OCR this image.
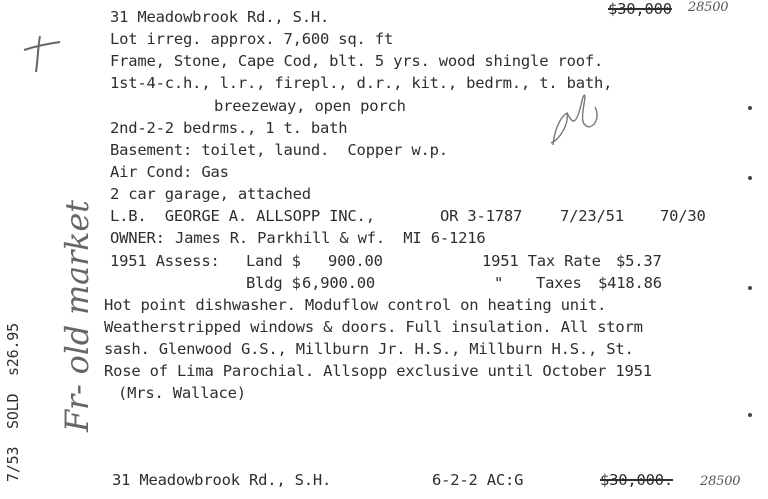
31 Meadowbrook Rd., S.H.	$30,000 28500
Lot irreg. approx. 7,600 sq. ft
Frame, Stone, Cape Cod, blt. 5 yrs. wood shingle roof.
1st-4-c.h., l.r., firepl., d.r., kit., bedrm., t. bath,
breezeway, open porch
2nd-2-2 bedrms., 1 t. bath
Basement: toilet, laund.  Copper w.p.
Air Cond: Gas
2 car garage, attached
L.B.  GEORGE A. ALLSOPP INC.,	OR 3-1787 7/23/51 70/30
OWNER: James R. Parkhill & wf.  MI 6-1216
1951 Assess: Land $ 900.00	1951 Tax Rate $5.37
Bldg $ 6,900.00	" Taxes $418.86
Hot point dishwasher. Moduflow control on heating unit.
Weatherstripped windows & doors. Full insulation. All storm
sash. Glenwood G.S., Millburn Jr. H.S., Millburn H.S., St.
Rose of Lima Parochial. Allsopp exclusive until October 1951
(Mrs. Wallace)
31 Meadowbrook Rd., S.H.	6-2-2 AC:G	$30,000. 28500
7/53  SOLD  s26.95 Fr- old market
